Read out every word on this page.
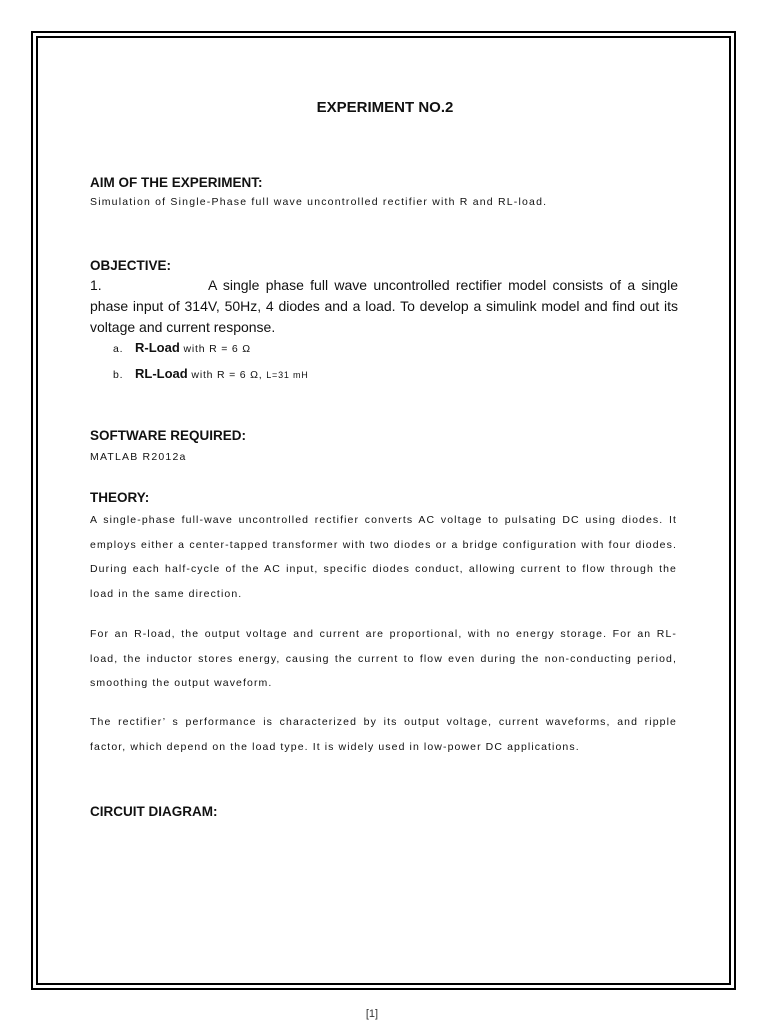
EXPERIMENT NO.2
AIM OF THE EXPERIMENT:
Simulation of Single-Phase full wave uncontrolled rectifier with R and RL-load.
OBJECTIVE:
1.	A single phase full wave uncontrolled rectifier model consists of a single phase input of 314V, 50Hz, 4 diodes and a load. To develop a simulink model and find out its voltage and current response.
a. R-Load with R = 6 Ω
b. RL-Load with R = 6 Ω, L=31 mH
SOFTWARE REQUIRED:
MATLAB R2012a
THEORY:
A single-phase full-wave uncontrolled rectifier converts AC voltage to pulsating DC using diodes. It employs either a center-tapped transformer with two diodes or a bridge configuration with four diodes. During each half-cycle of the AC input, specific diodes conduct, allowing current to flow through the load in the same direction.
For an R-load, the output voltage and current are proportional, with no energy storage. For an RL-load, the inductor stores energy, causing the current to flow even during the non-conducting period, smoothing the output waveform.
The rectifier’ s performance is characterized by its output voltage, current waveforms, and ripple factor, which depend on the load type. It is widely used in low-power DC applications.
CIRCUIT DIAGRAM:
[1]
